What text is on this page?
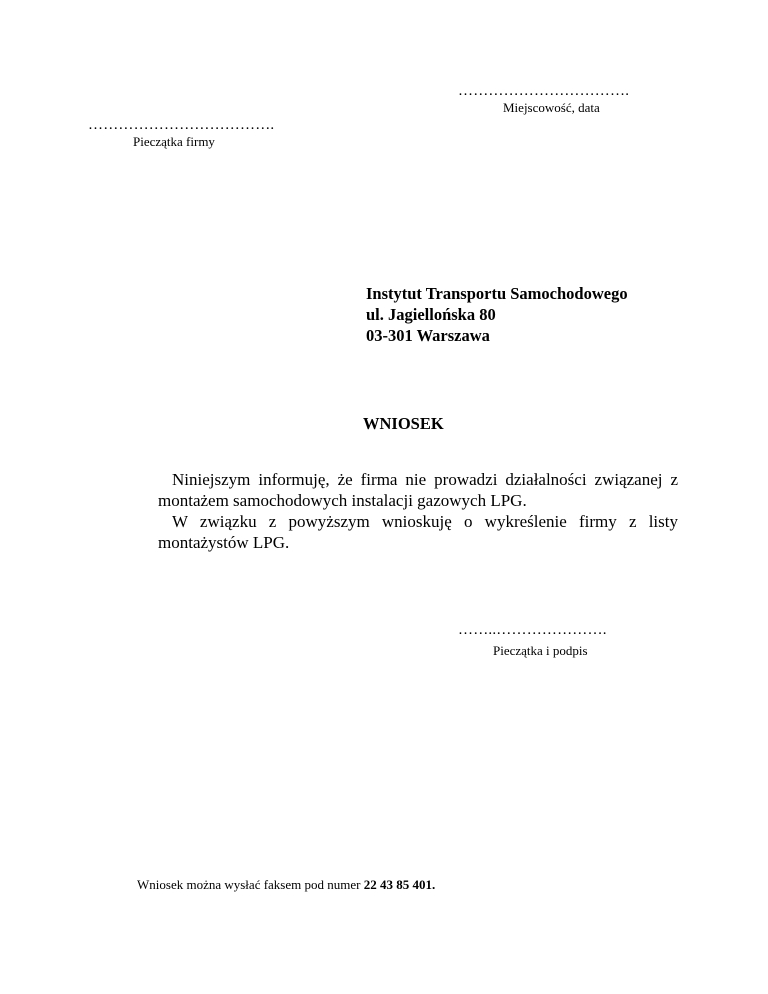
…………………………….
Miejscowość, data
……………………………….
Pieczątka firmy
Instytut Transportu Samochodowego
ul. Jagiellońska 80
03-301 Warszawa
WNIOSEK

Niniejszym informuję, że firma nie prowadzi działalności związanej z montażem samochodowych instalacji gazowych LPG.

W związku z powyższym wnioskuję o wykreślenie firmy z listy montażystów LPG.

……..………………….
Pieczątka i podpis
Wniosek można wysłać faksem pod numer 22 43 85 401.
